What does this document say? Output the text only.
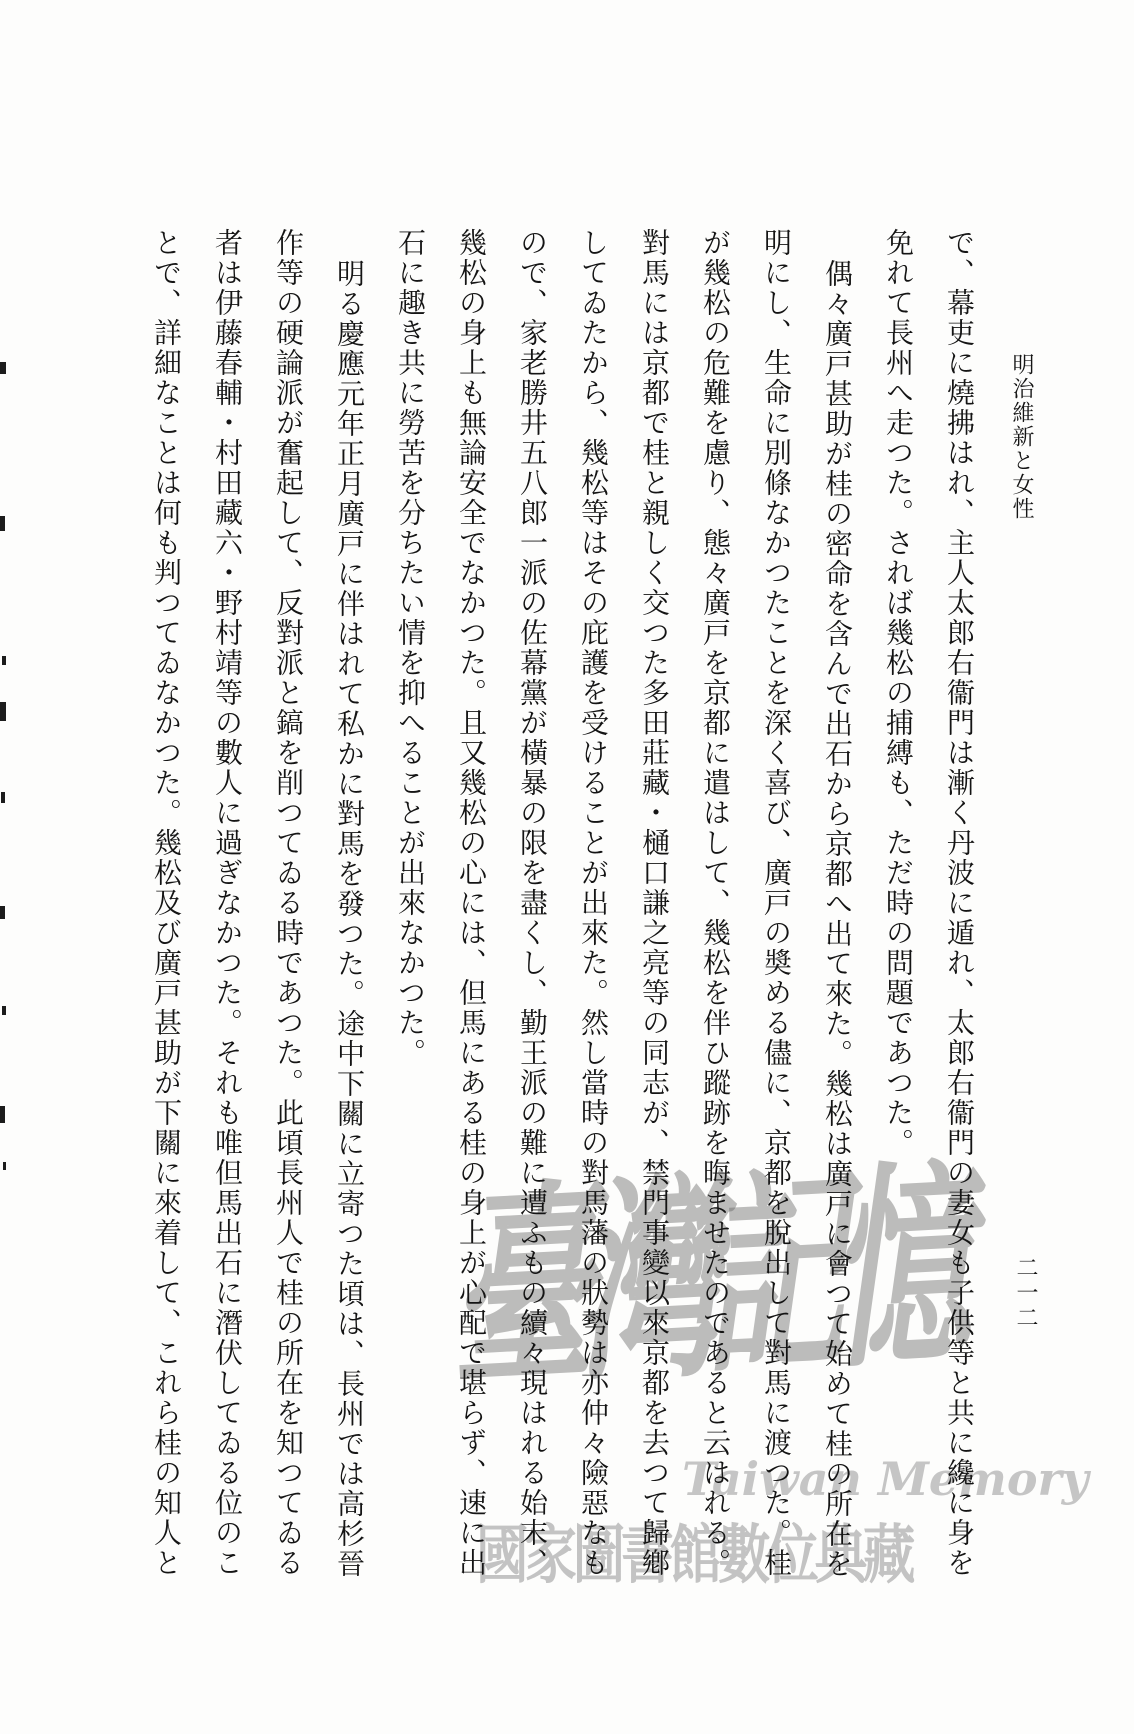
臺灣記憶
Taiwan Memory
國家圖書館數位典藏
明治維新と女性
二一二
で、幕吏に燒拂はれ、主人太郎右衞門は漸く丹波に遁れ、太郎右衞門の妻女も子供等と共に纔に身を
免れて長州へ走つた。されば幾松の捕縛も、ただ時の問題であつた。
偶々廣戸甚助が桂の密命を含んで出石から京都へ出て來た。幾松は廣戸に會つて始めて桂の所在を
明にし、生命に別條なかつたことを深く喜び、廣戸の奬める儘に、京都を脫出して對馬に渡つた。桂
が幾松の危難を慮り、態々廣戸を京都に遣はして、幾松を伴ひ蹤跡を晦ませたのであると云はれる。
對馬には京都で桂と親しく交つた多田莊藏・樋口謙之亮等の同志が、禁門事變以來京都を去つて歸鄕
してゐたから、幾松等はその庇護を受けることが出來た。然し當時の對馬藩の狀勢は亦仲々險惡なも
ので、家老勝井五八郎一派の佐幕黨が橫暴の限を盡くし、勤王派の難に遭ふもの續々現はれる始末、
幾松の身上も無論安全でなかつた。且又幾松の心には、但馬にある桂の身上が心配で堪らず、速に出
石に趣き共に勞苦を分ちたい情を抑へることが出來なかつた。
明る慶應元年正月廣戸に伴はれて私かに對馬を發つた。途中下關に立寄つた頃は、長州では高杉晉
作等の硬論派が奮起して、反對派と鎬を削つてゐる時であつた。此頃長州人で桂の所在を知つてゐる
者は伊藤春輔・村田藏六・野村靖等の數人に過ぎなかつた。それも唯但馬出石に潛伏してゐる位のこ
とで、詳細なことは何も判つてゐなかつた。幾松及び廣戸甚助が下關に來着して、これら桂の知人と
